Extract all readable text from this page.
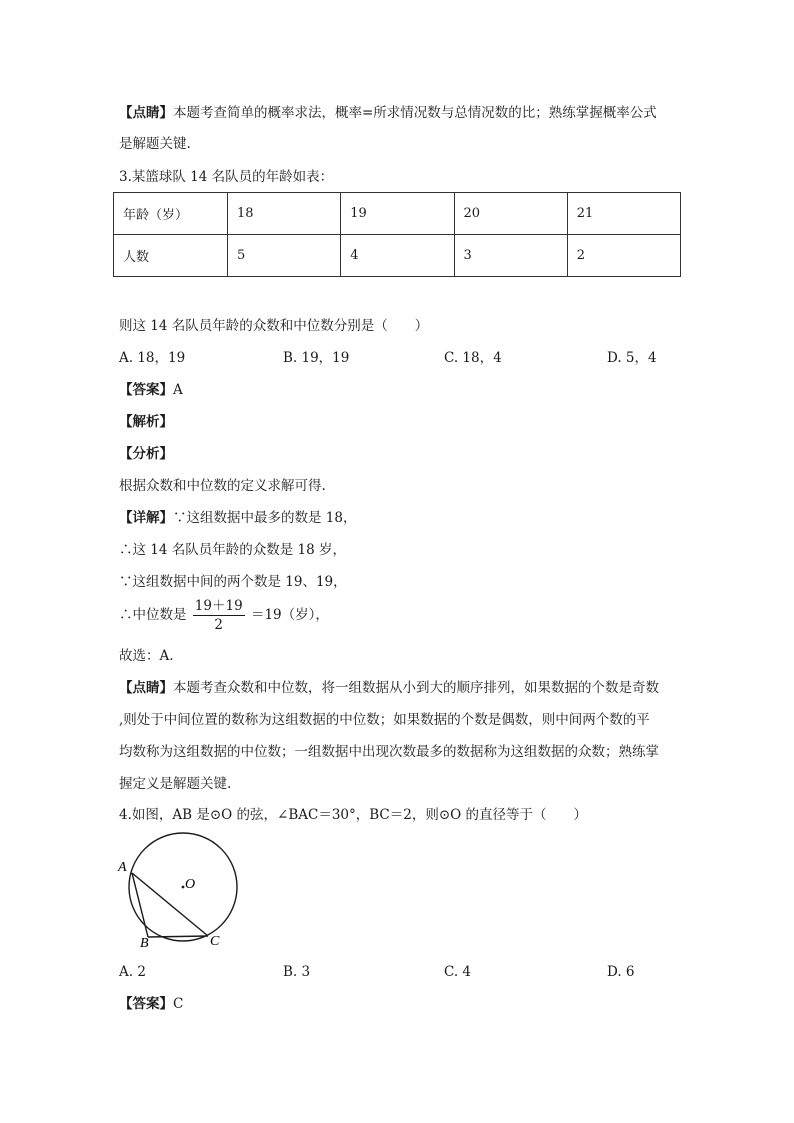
【点睛】本题考查简单的概率求法，概率=所求情况数与总情况数的比；熟练掌握概率公式
是解题关键.
3.某篮球队 14 名队员的年龄如表：
年龄（岁）	18	19	20	21
人数	5	4	3	2
则这 14 名队员年龄的众数和中位数分别是（　　）
A. 18，19	B. 19，19	C. 18，4	D. 5，4
【答案】A
【解析】
【分析】
根据众数和中位数的定义求解可得.
【详解】∵这组数据中最多的数是 18，
∴这 14 名队员年龄的众数是 18 岁，
∵这组数据中间的两个数是 19、19，
∴中位数是 $\frac{19+19}{2} =19$（岁），
故选：A.
【点睛】本题考查众数和中位数，将一组数据从小到大的顺序排列，如果数据的个数是奇数
,则处于中间位置的数称为这组数据的中位数；如果数据的个数是偶数，则中间两个数的平
均数称为这组数据的中位数；一组数据中出现次数最多的数据称为这组数据的众数；熟练掌
握定义是解题关键.
4.如图，AB 是⊙O 的弦，∠BAC＝30°，BC＝2，则⊙O 的直径等于（　　）
A
B	C
O
A. 2	B. 3	C. 4	D. 6
【答案】C
